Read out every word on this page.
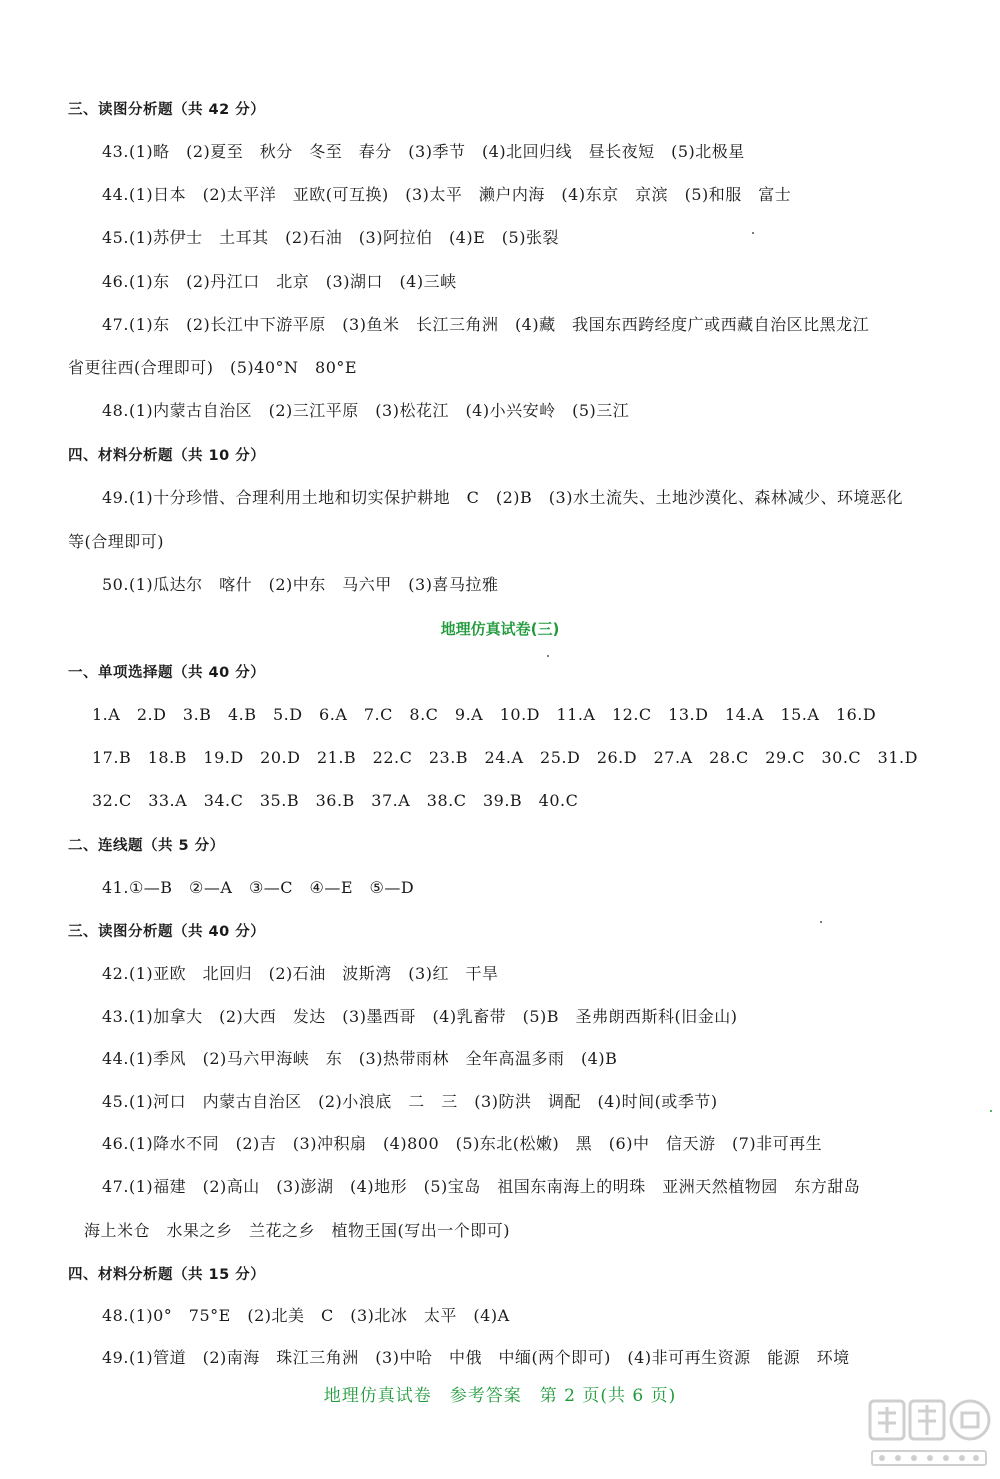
三、读图分析题（共 42 分）
43.(1)略　(2)夏至　秋分　冬至　春分　(3)季节　(4)北回归线　昼长夜短　(5)北极星
44.(1)日本　(2)太平洋　亚欧(可互换)　(3)太平　濑户内海　(4)东京　京滨　(5)和服　富士
45.(1)苏伊士　土耳其　(2)石油　(3)阿拉伯　(4)E　(5)张裂
46.(1)东　(2)丹江口　北京　(3)湖口　(4)三峡
47.(1)东　(2)长江中下游平原　(3)鱼米　长江三角洲　(4)藏　我国东西跨经度广或西藏自治区比黑龙江
省更往西(合理即可)　(5)40°N　80°E
48.(1)内蒙古自治区　(2)三江平原　(3)松花江　(4)小兴安岭　(5)三江
四、材料分析题（共 10 分）
49.(1)十分珍惜、合理利用土地和切实保护耕地　C　(2)B　(3)水土流失、土地沙漠化、森林减少、环境恶化
等(合理即可)
50.(1)瓜达尔　喀什　(2)中东　马六甲　(3)喜马拉雅
地理仿真试卷(三)
一、单项选择题（共 40 分）
1.A　2.D　3.B　4.B　5.D　6.A　7.C　8.C　9.A　10.D　11.A　12.C　13.D　14.A　15.A　16.D
17.B　18.B　19.D　20.D　21.B　22.C　23.B　24.A　25.D　26.D　27.A　28.C　29.C　30.C　31.D
32.C　33.A　34.C　35.B　36.B　37.A　38.C　39.B　40.C
二、连线题（共 5 分）
41.①—B　②—A　③—C　④—E　⑤—D
三、读图分析题（共 40 分）
42.(1)亚欧　北回归　(2)石油　波斯湾　(3)红　干旱
43.(1)加拿大　(2)大西　发达　(3)墨西哥　(4)乳畜带　(5)B　圣弗朗西斯科(旧金山)
44.(1)季风　(2)马六甲海峡　东　(3)热带雨林　全年高温多雨　(4)B
45.(1)河口　内蒙古自治区　(2)小浪底　二　三　(3)防洪　调配　(4)时间(或季节)
46.(1)降水不同　(2)吉　(3)冲积扇　(4)800　(5)东北(松嫩)　黑　(6)中　信天游　(7)非可再生
47.(1)福建　(2)高山　(3)澎湖　(4)地形　(5)宝岛　祖国东南海上的明珠　亚洲天然植物园　东方甜岛
海上米仓　水果之乡　兰花之乡　植物王国(写出一个即可)
四、材料分析题（共 15 分）
48.(1)0°　75°E　(2)北美　C　(3)北冰　太平　(4)A
49.(1)管道　(2)南海　珠江三角洲　(3)中哈　中俄　中缅(两个即可)　(4)非可再生资源　能源　环境
地理仿真试卷　参考答案　第 2 页(共 6 页)
